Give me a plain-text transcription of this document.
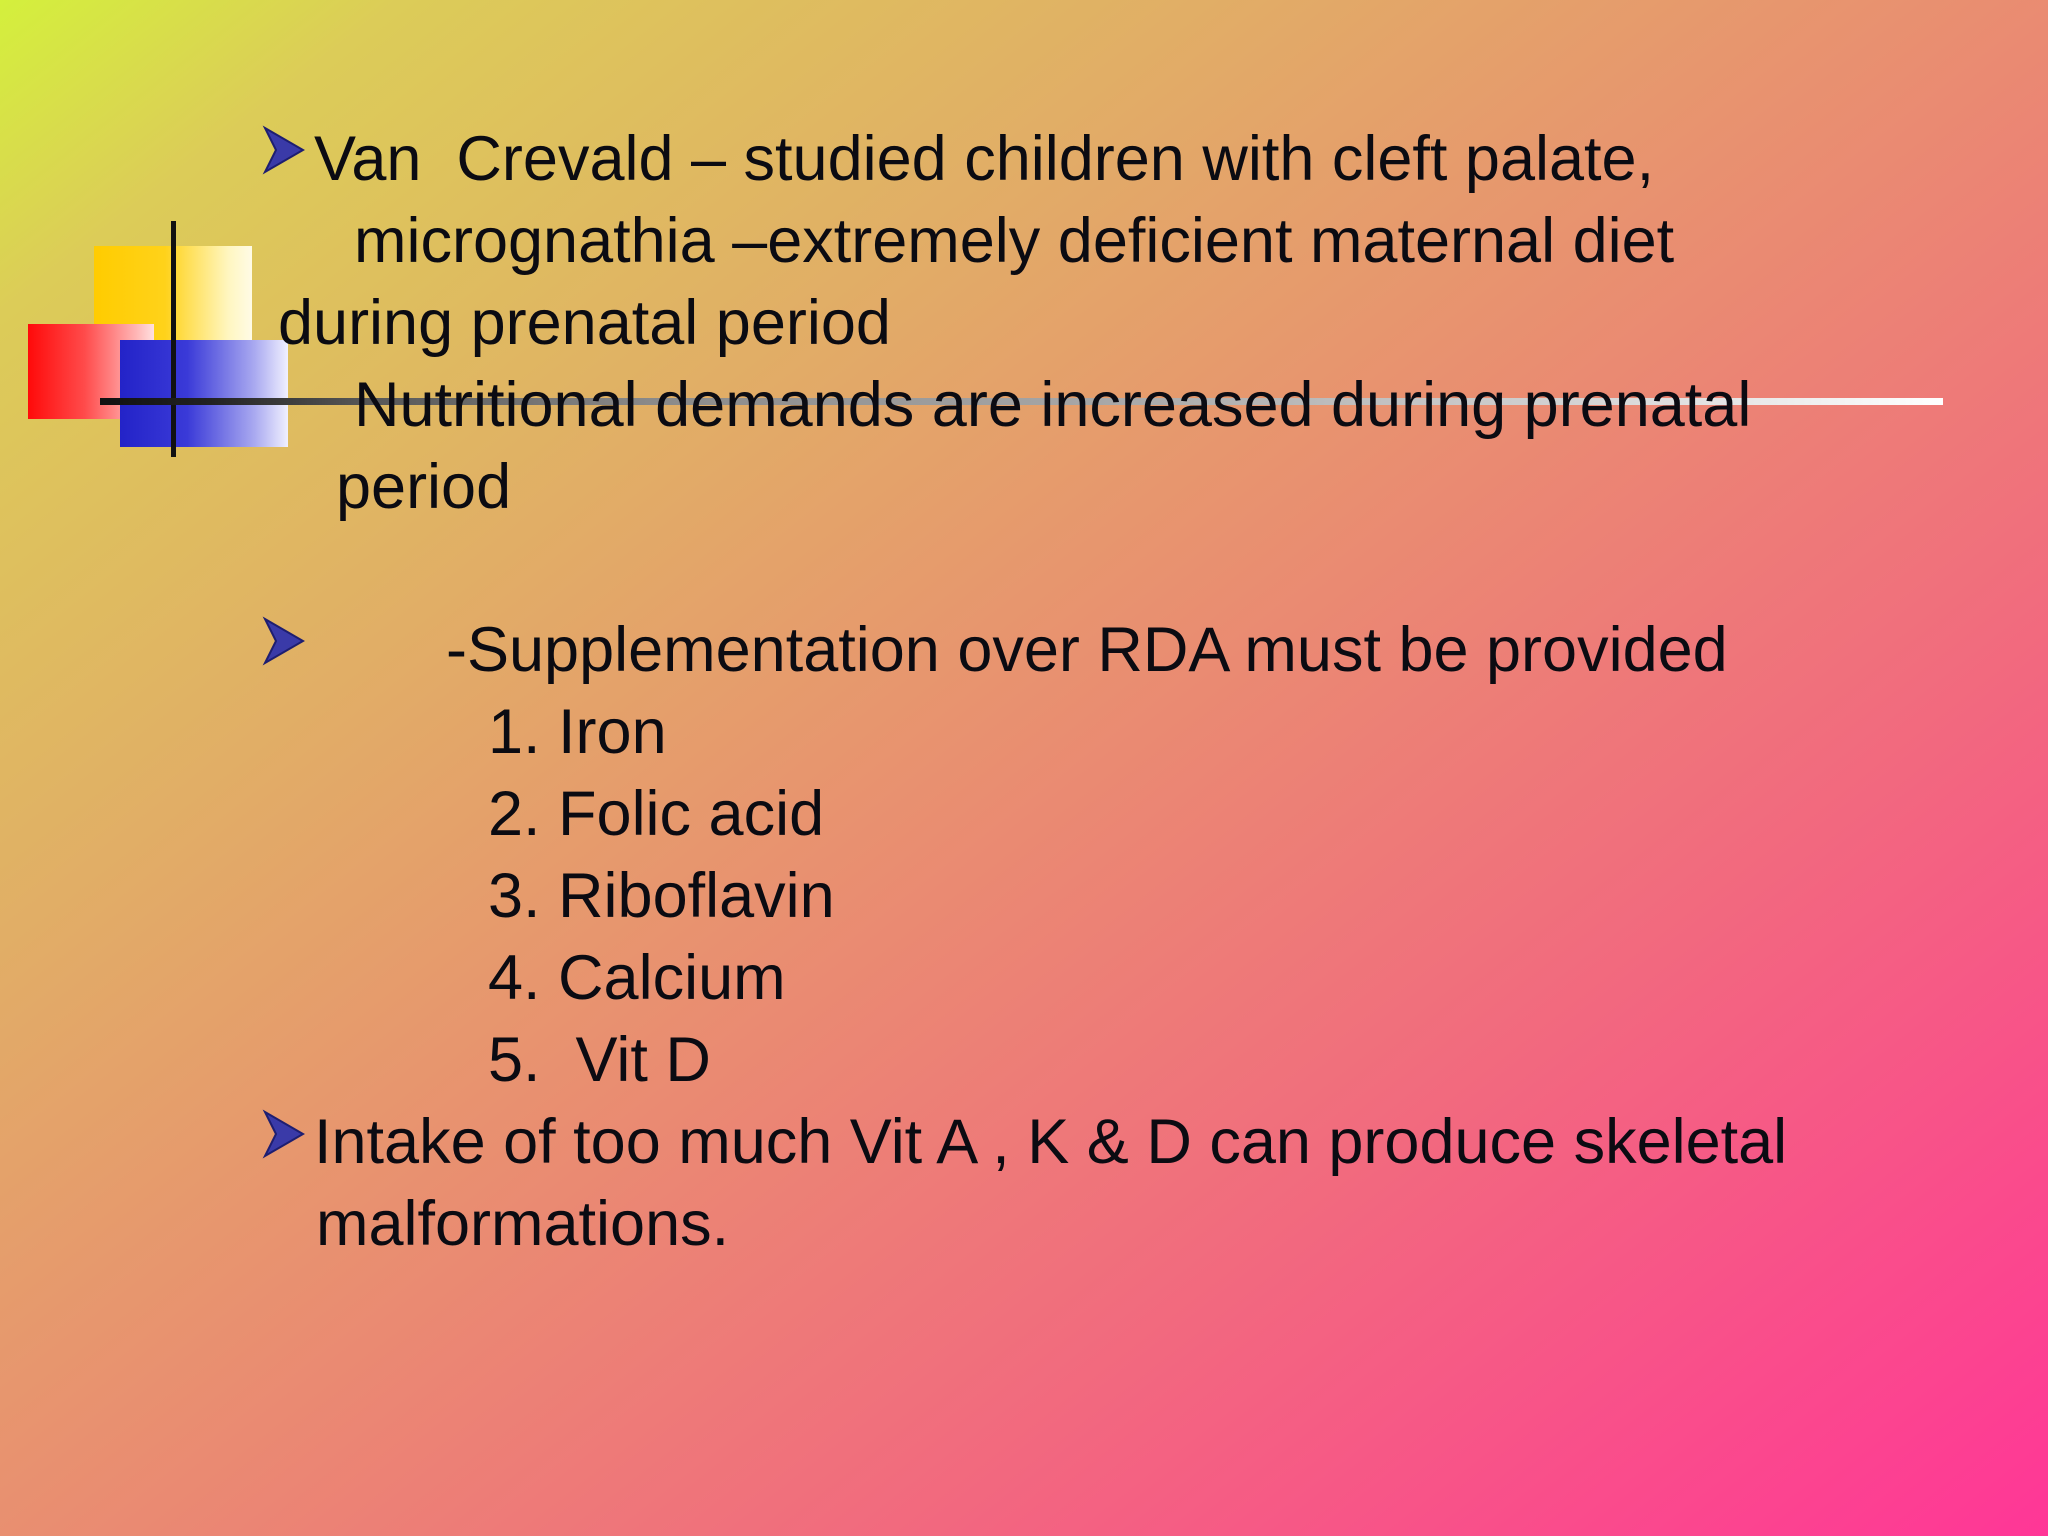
Van  Crevald – studied children with cleft palate,

micrognathia –extremely deficient maternal diet

during prenatal period

Nutritional demands are increased during prenatal

period

-Supplementation over RDA must be provided

1. Iron

2. Folic acid

3. Riboflavin

4. Calcium

5.  Vit D

Intake of too much Vit A , K & D can produce skeletal

malformations.
